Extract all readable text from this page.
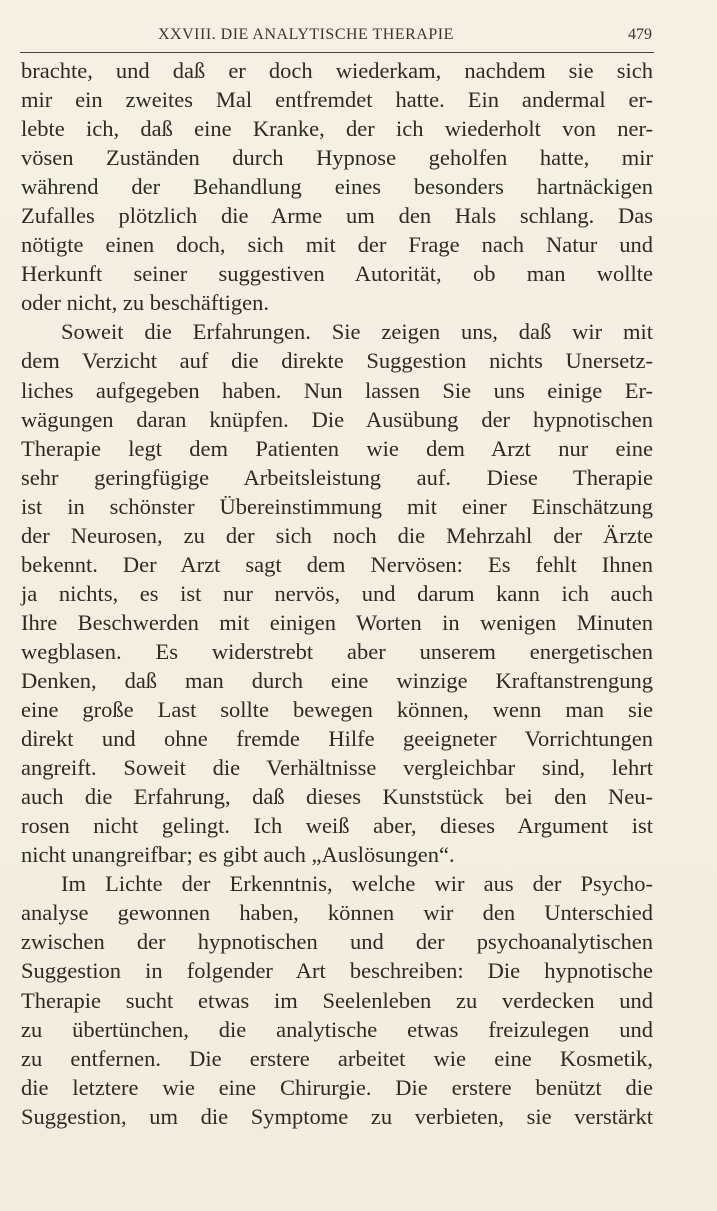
XXVIII. DIE ANALYTISCHE THERAPIE	479
brachte, und daß er doch wiederkam, nachdem sie sich
mir ein zweites Mal entfremdet hatte. Ein andermal er-
lebte ich, daß eine Kranke, der ich wiederholt von ner-
vösen Zuständen durch Hypnose geholfen hatte, mir
während der Behandlung eines besonders hartnäckigen
Zufalles plötzlich die Arme um den Hals schlang. Das
nötigte einen doch, sich mit der Frage nach Natur und
Herkunft seiner suggestiven Autorität, ob man wollte
oder nicht, zu beschäftigen.
Soweit die Erfahrungen. Sie zeigen uns, daß wir mit
dem Verzicht auf die direkte Suggestion nichts Unersetz-
liches aufgegeben haben. Nun lassen Sie uns einige Er-
wägungen daran knüpfen. Die Ausübung der hypnotischen
Therapie legt dem Patienten wie dem Arzt nur eine
sehr geringfügige Arbeitsleistung auf. Diese Therapie
ist in schönster Übereinstimmung mit einer Einschätzung
der Neurosen, zu der sich noch die Mehrzahl der Ärzte
bekennt. Der Arzt sagt dem Nervösen: Es fehlt Ihnen
ja nichts, es ist nur nervös, und darum kann ich auch
Ihre Beschwerden mit einigen Worten in wenigen Minuten
wegblasen. Es widerstrebt aber unserem energetischen
Denken, daß man durch eine winzige Kraftanstrengung
eine große Last sollte bewegen können, wenn man sie
direkt und ohne fremde Hilfe geeigneter Vorrichtungen
angreift. Soweit die Verhältnisse vergleichbar sind, lehrt
auch die Erfahrung, daß dieses Kunststück bei den Neu-
rosen nicht gelingt. Ich weiß aber, dieses Argument ist
nicht unangreifbar; es gibt auch „Auslösungen“.
Im Lichte der Erkenntnis, welche wir aus der Psycho-
analyse gewonnen haben, können wir den Unterschied
zwischen der hypnotischen und der psychoanalytischen
Suggestion in folgender Art beschreiben: Die hypnotische
Therapie sucht etwas im Seelenleben zu verdecken und
zu übertünchen, die analytische etwas freizulegen und
zu entfernen. Die erstere arbeitet wie eine Kosmetik,
die letztere wie eine Chirurgie. Die erstere benützt die
Suggestion, um die Symptome zu verbieten, sie verstärkt
